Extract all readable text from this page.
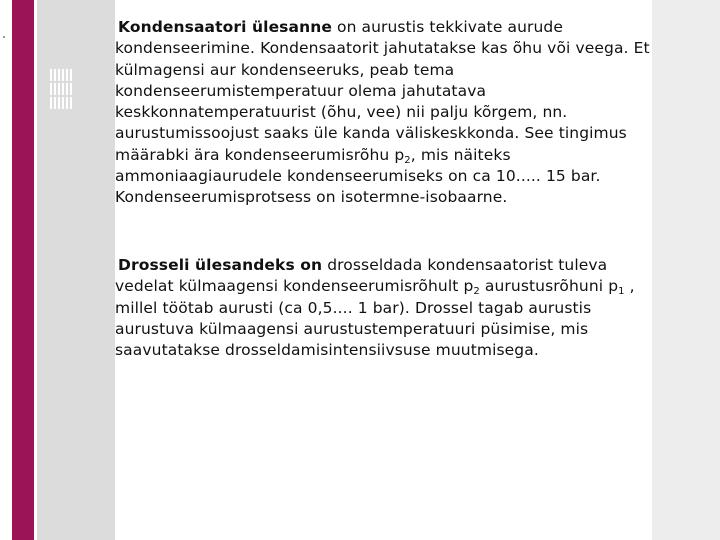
Kondensaatori ülesanne on aurustis tekkivate aurude kondenseerimine. Kondensaatorit jahutatakse kas õhu või veega. Et külmagensi aur kondenseeruks, peab tema kondenseerumistemperatuur olema jahutatava keskkonnatemperatuurist (õhu, vee) nii palju kõrgem, nn. aurustumissoojust saaks üle kanda väliskeskkonda. See tingimus määrabki ära kondenseerumisrõhu $p_2$, mis näiteks ammoniaagiaurudele kondenseerumiseks on ca 10..... 15 bar. Kondenseerumisprotsess on isotermne-isobaarne.
Drosseli ülesandeks on drosseldada kondensaatorist tuleva vedelat külmaagensi kondenseerumisrõhult $p_2$ aurustusrõhuni $p_1$ , millel töötab aurusti (ca 0,5.... 1 bar). Drossel tagab aurustis aurustuva külmaagensi aurustustemperatuuri püsimise, mis saavutatakse drosseldamisintensiivsuse muutmisega.
